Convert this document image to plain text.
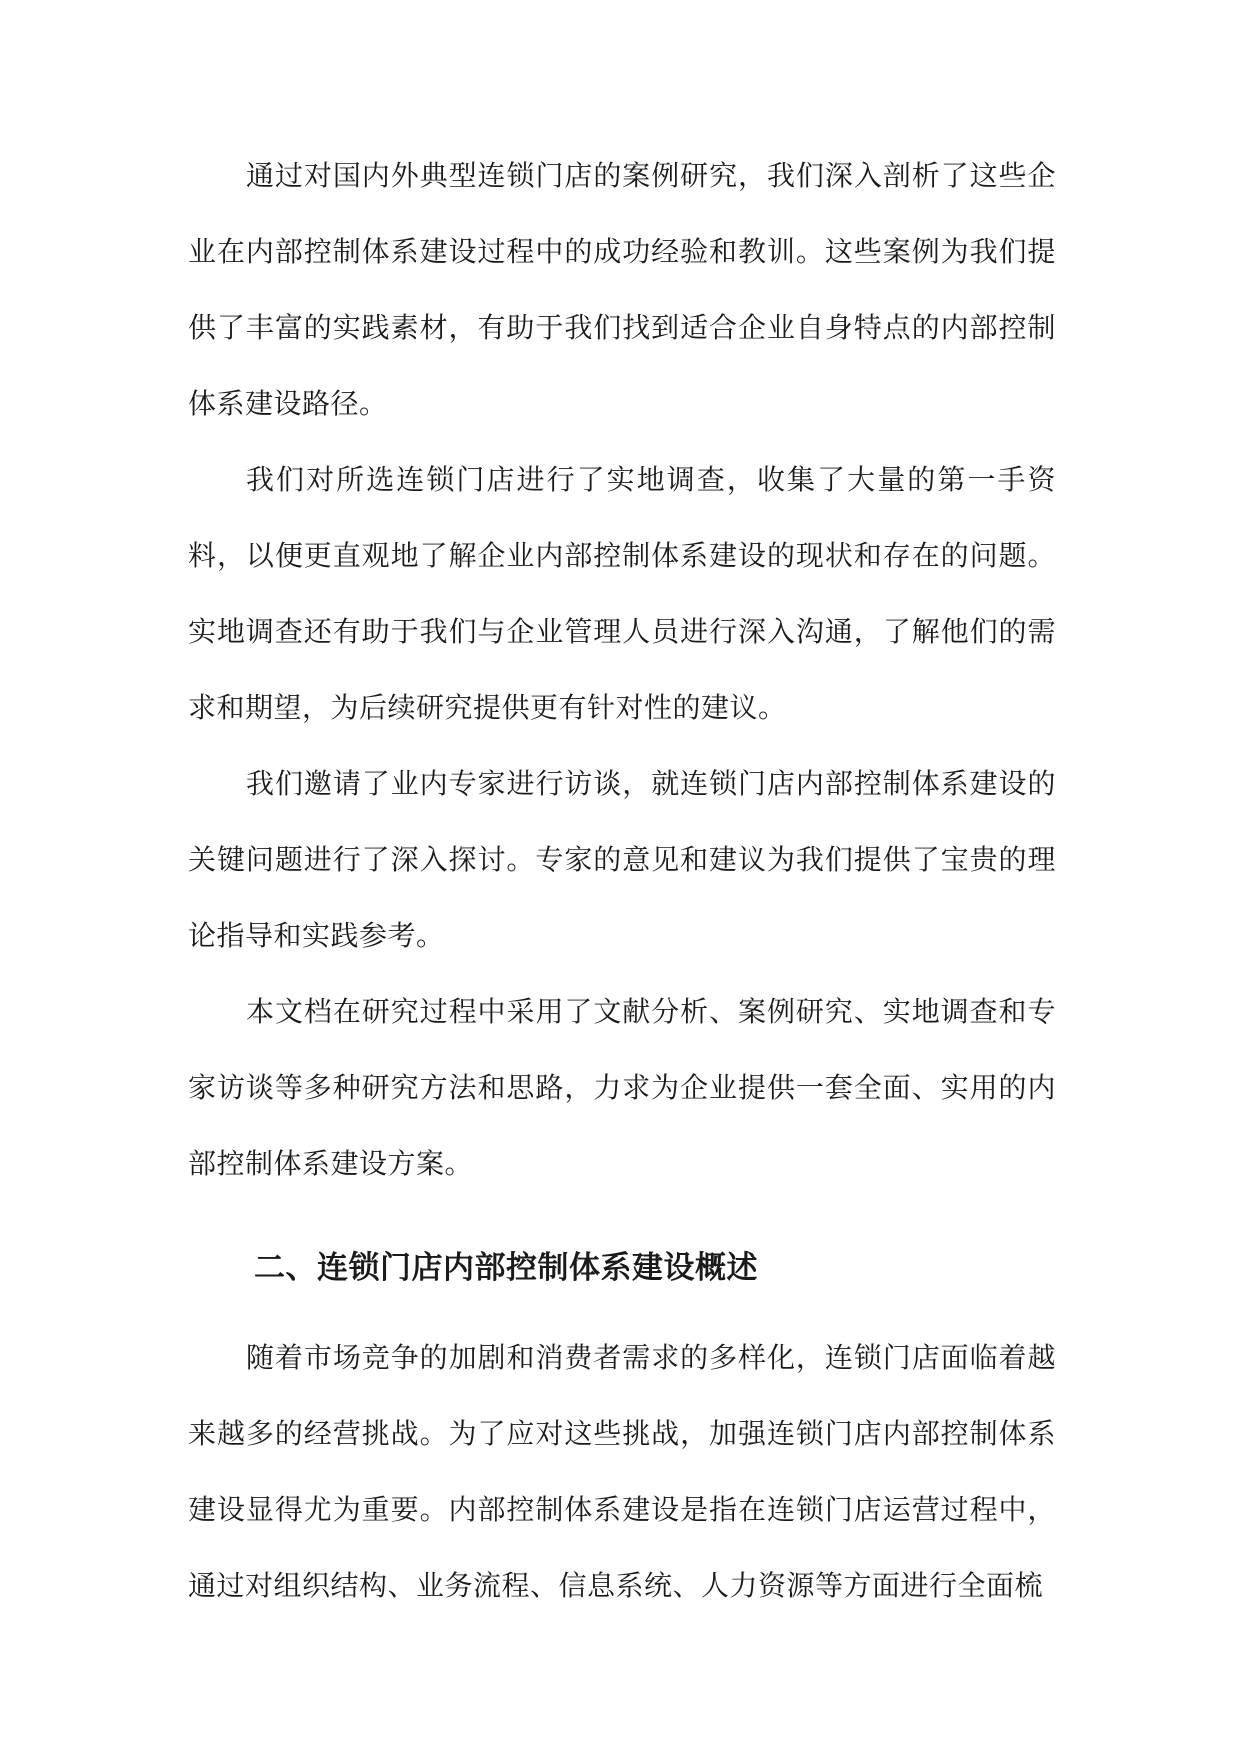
通过对国内外典型连锁门店的案例研究，我们深入剖析了这些企业在内部控制体系建设过程中的成功经验和教训。这些案例为我们提供了丰富的实践素材，有助于我们找到适合企业自身特点的内部控制体系建设路径。

我们对所选连锁门店进行了实地调查，收集了大量的第一手资料，以便更直观地了解企业内部控制体系建设的现状和存在的问题。实地调查还有助于我们与企业管理人员进行深入沟通，了解他们的需求和期望，为后续研究提供更有针对性的建议。

我们邀请了业内专家进行访谈，就连锁门店内部控制体系建设的关键问题进行了深入探讨。专家的意见和建议为我们提供了宝贵的理论指导和实践参考。

本文档在研究过程中采用了文献分析、案例研究、实地调查和专家访谈等多种研究方法和思路，力求为企业提供一套全面、实用的内部控制体系建设方案。

二、连锁门店内部控制体系建设概述

随着市场竞争的加剧和消费者需求的多样化，连锁门店面临着越来越多的经营挑战。为了应对这些挑战，加强连锁门店内部控制体系建设显得尤为重要。内部控制体系建设是指在连锁门店运营过程中，通过对组织结构、业务流程、信息系统、人力资源等方面进行全面梳
